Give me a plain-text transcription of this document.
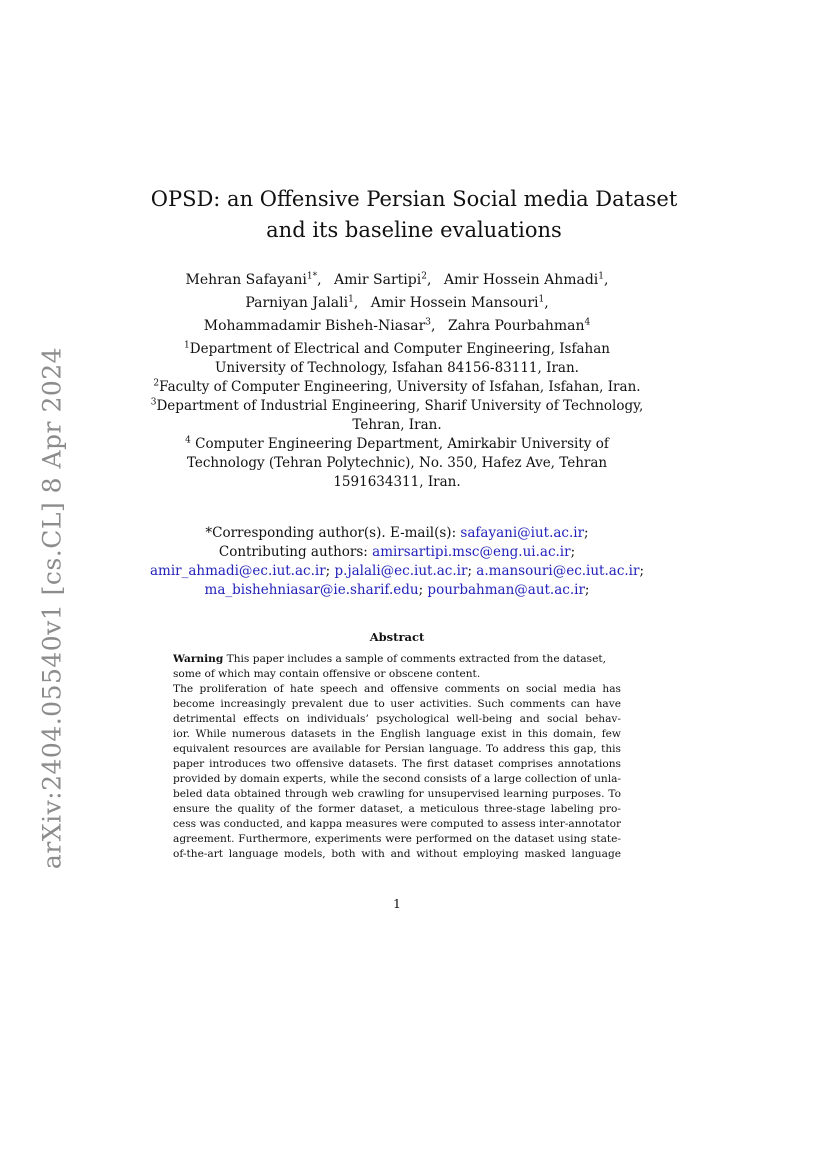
arXiv:2404.05540v1 [cs.CL] 8 Apr 2024
OPSD: an Offensive Persian Social media Dataset
and its baseline evaluations
Mehran Safayani$^{1*}$, Amir Sartipi$^2$, Amir Hossein Ahmadi$^1$,
Parniyan Jalali$^1$, Amir Hossein Mansouri$^1$,
Mohammadamir Bisheh-Niasar$^3$, Zahra Pourbahman$^4$
$^1$Department of Electrical and Computer Engineering, Isfahan
University of Technology, Isfahan 84156-83111, Iran.
$^2$Faculty of Computer Engineering, University of Isfahan, Isfahan, Iran.
$^3$Department of Industrial Engineering, Sharif University of Technology,
Tehran, Iran.
$^4$ Computer Engineering Department, Amirkabir University of
Technology (Tehran Polytechnic), No. 350, Hafez Ave, Tehran
1591634311, Iran.
*Corresponding author(s). E-mail(s): safayani@iut.ac.ir;
Contributing authors: amirsartipi.msc@eng.ui.ac.ir;
amir_ahmadi@ec.iut.ac.ir; p.jalali@ec.iut.ac.ir; a.mansouri@ec.iut.ac.ir;
ma_bishehniasar@ie.sharif.edu; pourbahman@aut.ac.ir;
Abstract
Warning This paper includes a sample of comments extracted from the dataset,
some of which may contain offensive or obscene content.
The proliferation of hate speech and offensive comments on social media has
become increasingly prevalent due to user activities. Such comments can have
detrimental effects on individuals’ psychological well-being and social behav-
ior. While numerous datasets in the English language exist in this domain, few
equivalent resources are available for Persian language. To address this gap, this
paper introduces two offensive datasets. The first dataset comprises annotations
provided by domain experts, while the second consists of a large collection of unla-
beled data obtained through web crawling for unsupervised learning purposes. To
ensure the quality of the former dataset, a meticulous three-stage labeling pro-
cess was conducted, and kappa measures were computed to assess inter-annotator
agreement. Furthermore, experiments were performed on the dataset using state-
of-the-art language models, both with and without employing masked language
1
